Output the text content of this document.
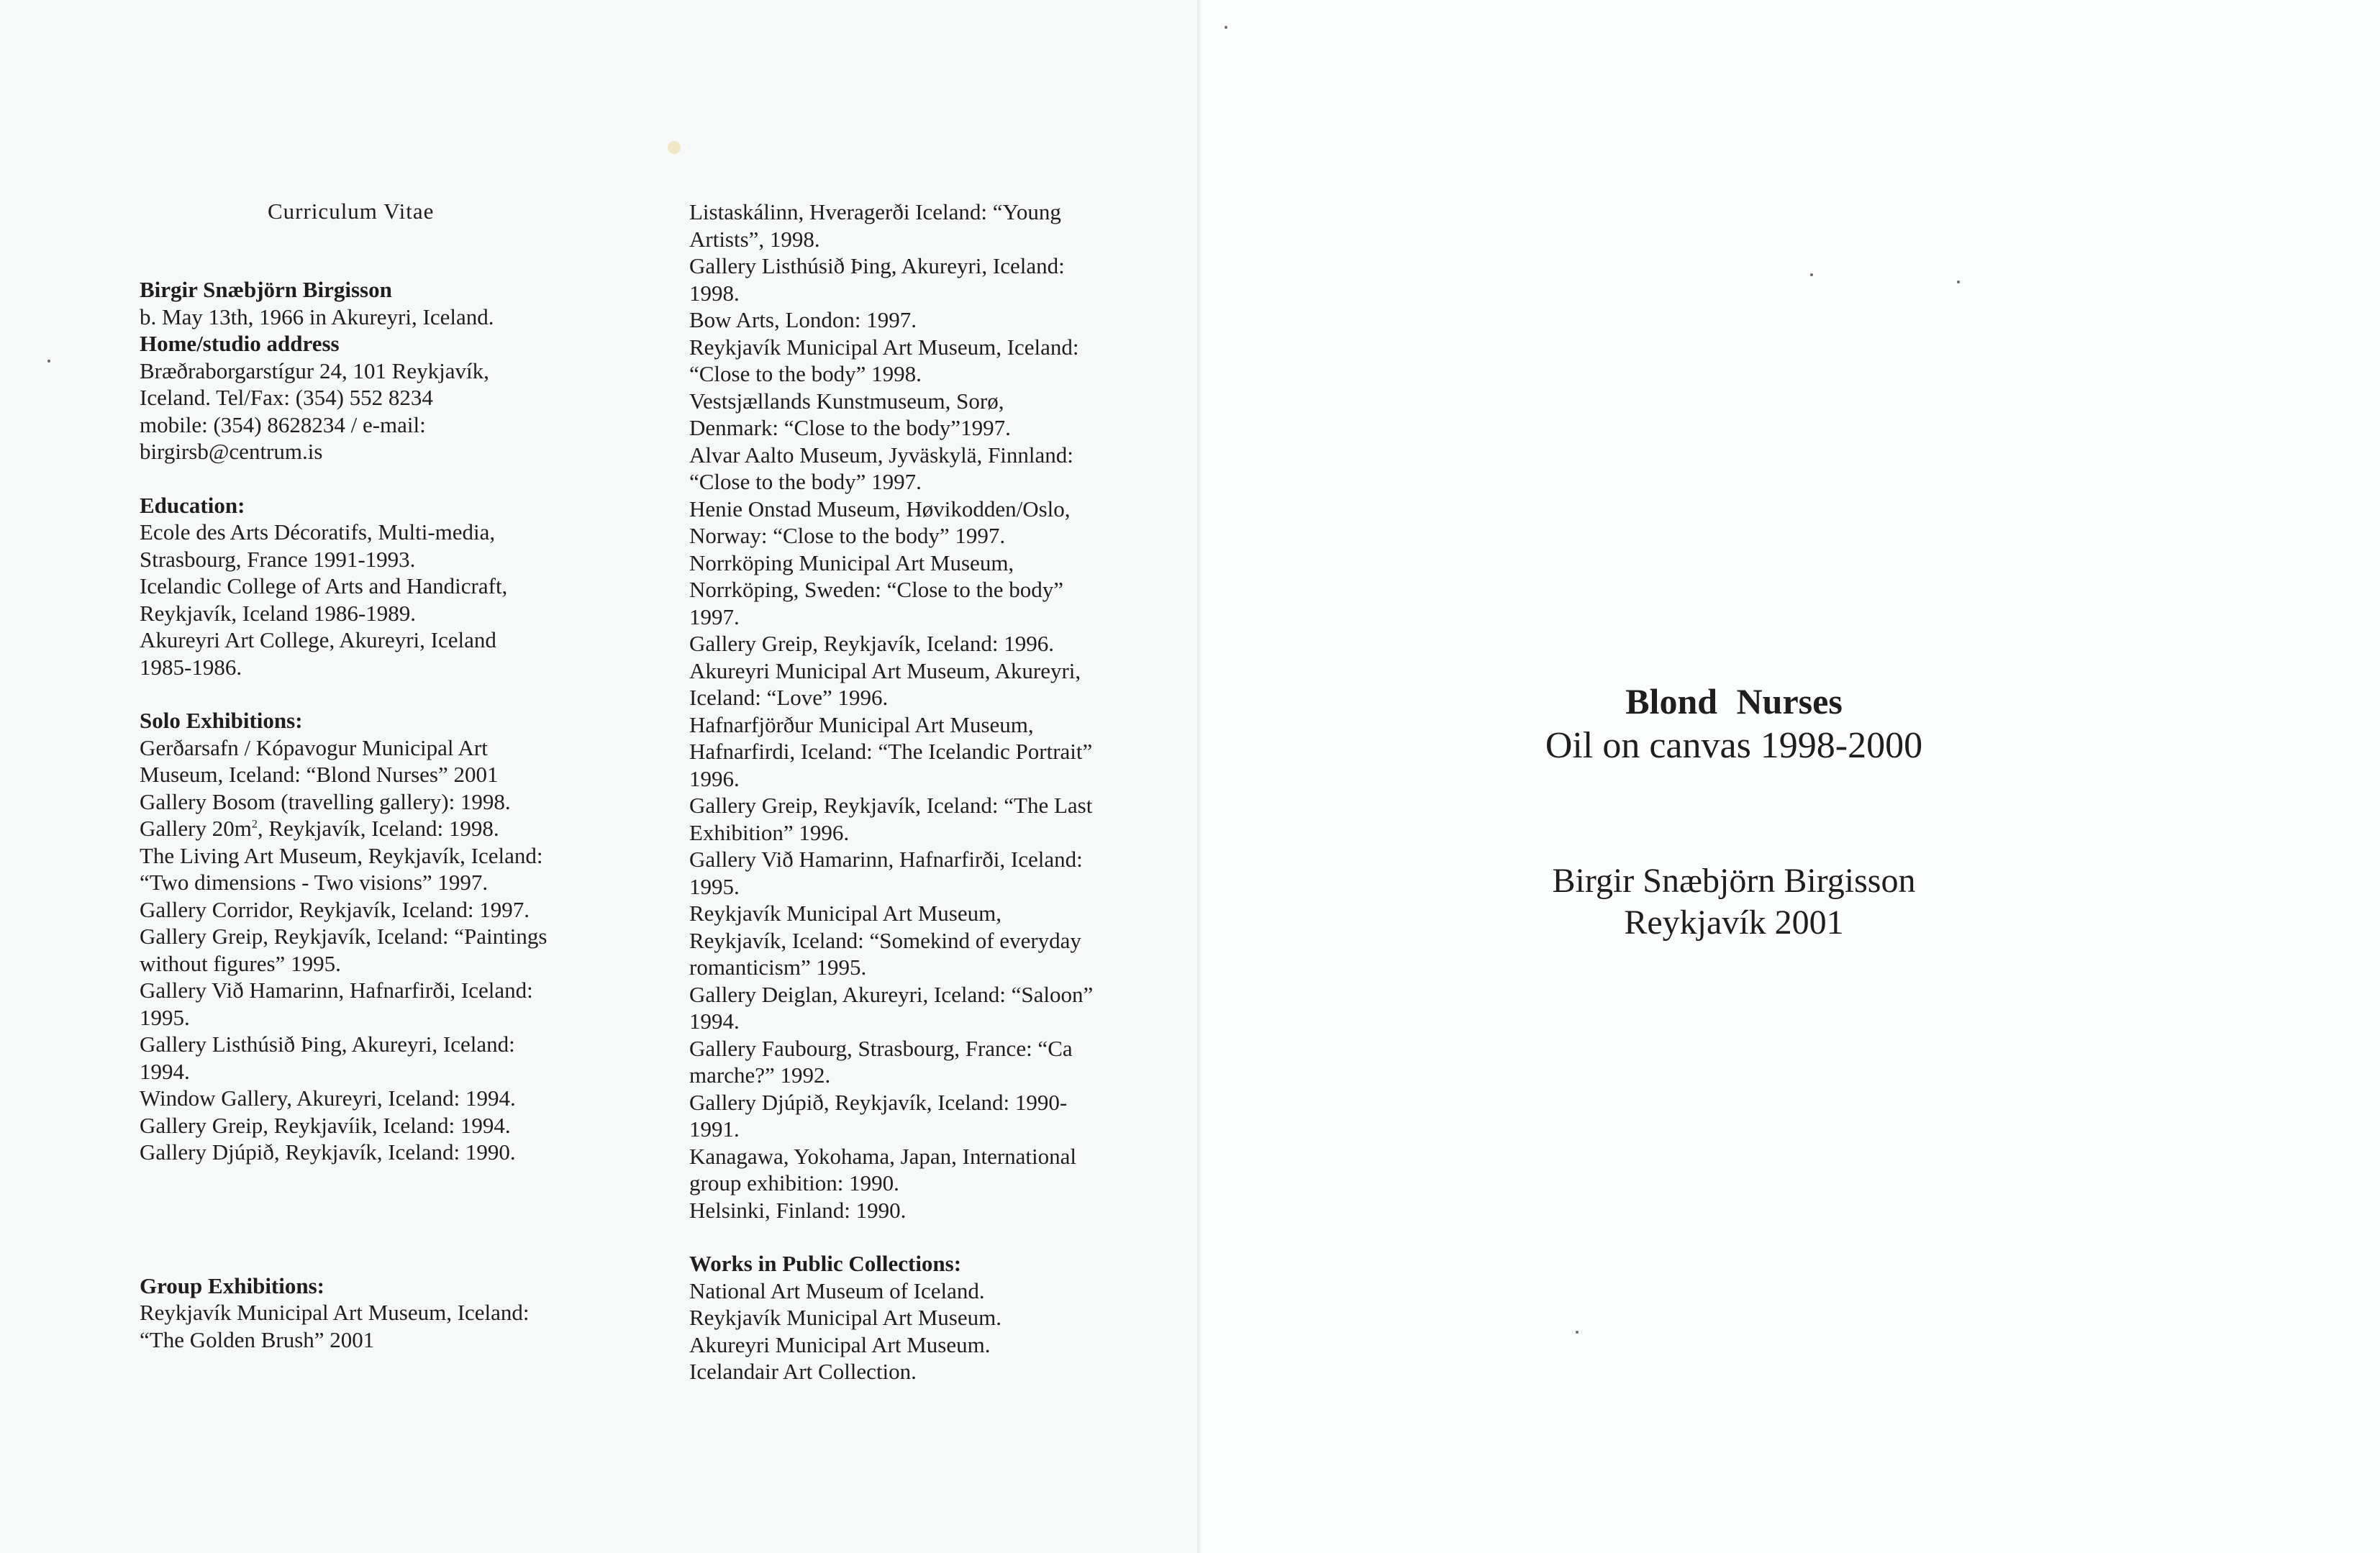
Curriculum Vitae
Birgir Snæbjörn Birgisson
b. May 13th, 1966 in Akureyri, Iceland.
Home/studio address
Bræðraborgarstígur 24, 101 Reykjavík,
Iceland. Tel/Fax: (354) 552 8234
mobile: (354) 8628234 / e-mail:
birgirsb@centrum.is
Education:
Ecole des Arts Décoratifs, Multi-media,
Strasbourg, France 1991-1993.
Icelandic College of Arts and Handicraft,
Reykjavík, Iceland 1986-1989.
Akureyri Art College, Akureyri, Iceland
1985-1986.
Solo Exhibitions:
Gerðarsafn / Kópavogur Municipal Art
Museum, Iceland: “Blond Nurses” 2001
Gallery Bosom (travelling gallery): 1998.
Gallery $20m^2$, Reykjavík, Iceland: 1998.
The Living Art Museum, Reykjavík, Iceland:
“Two dimensions - Two visions” 1997.
Gallery Corridor, Reykjavík, Iceland: 1997.
Gallery Greip, Reykjavík, Iceland: “Paintings
without figures” 1995.
Gallery Við Hamarinn, Hafnarfirði, Iceland:
1995.
Gallery Listhúsið Þing, Akureyri, Iceland:
1994.
Window Gallery, Akureyri, Iceland: 1994.
Gallery Greip, Reykjavíik, Iceland: 1994.
Gallery Djúpið, Reykjavík, Iceland: 1990.
Group Exhibitions:
Reykjavík Municipal Art Museum, Iceland:
“The Golden Brush” 2001
Listaskálinn, Hveragerði Iceland: “Young
Artists”, 1998.
Gallery Listhúsið Þing, Akureyri, Iceland:
1998.
Bow Arts, London: 1997.
Reykjavík Municipal Art Museum, Iceland:
“Close to the body” 1998.
Vestsjællands Kunstmuseum, Sorø,
Denmark: “Close to the body”1997.
Alvar Aalto Museum, Jyväskylä, Finnland:
“Close to the body” 1997.
Henie Onstad Museum, Høvikodden/Oslo,
Norway: “Close to the body” 1997.
Norrköping Municipal Art Museum,
Norrköping, Sweden: “Close to the body”
1997.
Gallery Greip, Reykjavík, Iceland: 1996.
Akureyri Municipal Art Museum, Akureyri,
Iceland: “Love” 1996.
Hafnarfjörður Municipal Art Museum,
Hafnarfirdi, Iceland: “The Icelandic Portrait”
1996.
Gallery Greip, Reykjavík, Iceland: “The Last
Exhibition” 1996.
Gallery Við Hamarinn, Hafnarfirði, Iceland:
1995.
Reykjavík Municipal Art Museum,
Reykjavík, Iceland: “Somekind of everyday
romanticism” 1995.
Gallery Deiglan, Akureyri, Iceland: “Saloon”
1994.
Gallery Faubourg, Strasbourg, France: “Ca
marche?” 1992.
Gallery Djúpið, Reykjavík, Iceland: 1990-
1991.
Kanagawa, Yokohama, Japan, International
group exhibition: 1990.
Helsinki, Finland: 1990.
Works in Public Collections:
National Art Museum of Iceland.
Reykjavík Municipal Art Museum.
Akureyri Municipal Art Museum.
Icelandair Art Collection.
Blond Nurses
Oil on canvas 1998-2000
Birgir Snæbjörn Birgisson
Reykjavík 2001
